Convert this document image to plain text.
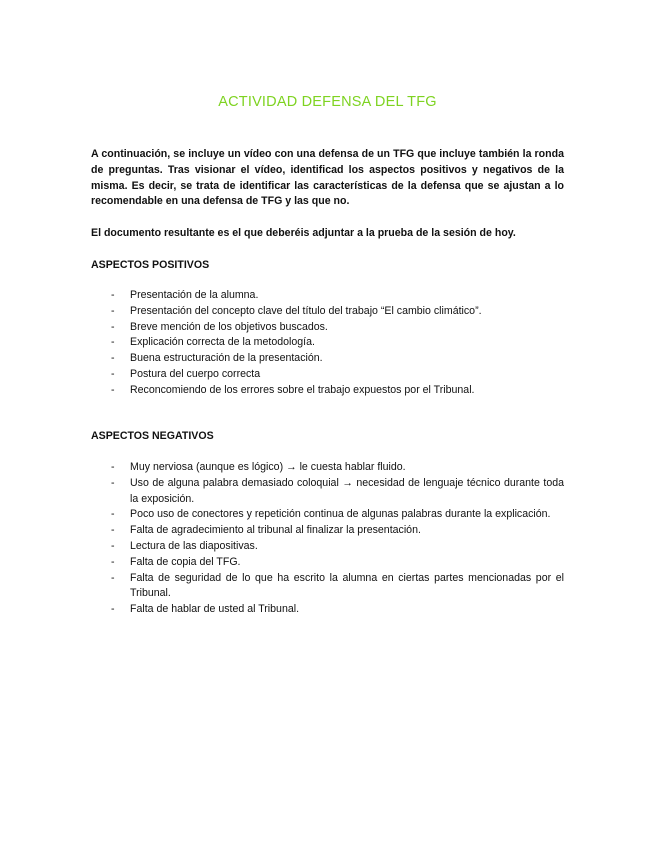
ACTIVIDAD DEFENSA DEL TFG

A continuación, se incluye un vídeo con una defensa de un TFG que incluye también la ronda de preguntas. Tras visionar el vídeo, identificad los aspectos positivos y negativos de la misma. Es decir, se trata de identificar las características de la defensa que se ajustan a lo recomendable en una defensa de TFG y las que no.

El documento resultante es el que deberéis adjuntar a la prueba de la sesión de hoy.

ASPECTOS POSITIVOS

- Presentación de la alumna.
- Presentación del concepto clave del título del trabajo “El cambio climático”.
- Breve mención de los objetivos buscados.
- Explicación correcta de la metodología.
- Buena estructuración de la presentación.
- Postura del cuerpo correcta
- Reconcomiendo de los errores sobre el trabajo expuestos por el Tribunal.

ASPECTOS NEGATIVOS

- Muy nerviosa (aunque es lógico) → le cuesta hablar fluido.
- Uso de alguna palabra demasiado coloquial → necesidad de lenguaje técnico durante toda la exposición.
- Poco uso de conectores y repetición continua de algunas palabras durante la explicación.
- Falta de agradecimiento al tribunal al finalizar la presentación.
- Lectura de las diapositivas.
- Falta de copia del TFG.
- Falta de seguridad de lo que ha escrito la alumna en ciertas partes mencionadas por el Tribunal.
- Falta de hablar de usted al Tribunal.
